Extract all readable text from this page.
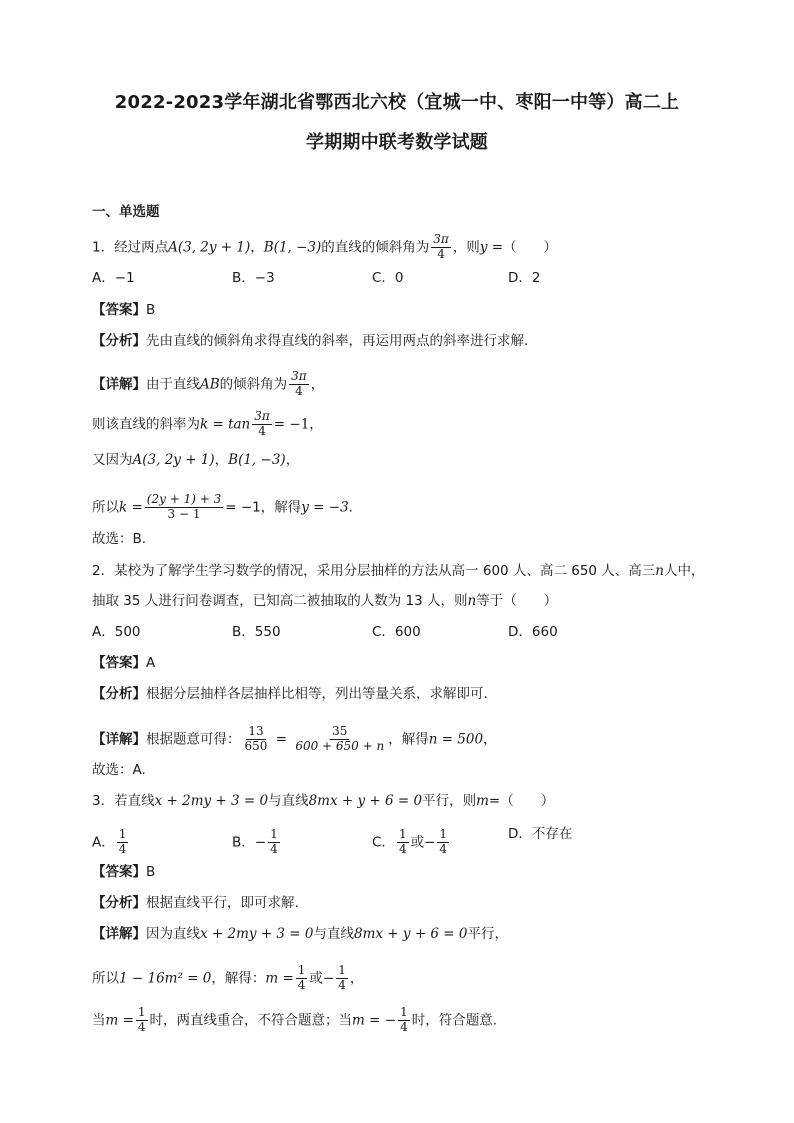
2022-2023学年湖北省鄂西北六校（宜城一中、枣阳一中等）高二上
学期期中联考数学试题
一、单选题
1．经过两点A(3, 2y + 1)，B(1, −3)的直线的倾斜角为 $\frac{3\pi}{4}$ ，则y =（　　）
A．−1	B．−3	C．0	D．2
【答案】B
【分析】先由直线的倾斜角求得直线的斜率，再运用两点的斜率进行求解.
【详解】由于直线AB的倾斜角为 $\frac{3\pi}{4}$ ，
则该直线的斜率为$k = \tan \frac{3\pi}{4} = -1$，
又因为A(3, 2y + 1)，B(1, −3)，
所以$k = \frac{(2y + 1) + 3}{3 - 1} = -1$，解得y = −3.
故选：B.
2．某校为了解学生学习数学的情况，采用分层抽样的方法从高一 600 人、高二 650 人、高三n人中，
抽取 35 人进行问卷调查，已知高二被抽取的人数为 13 人，则n等于（　　）
A．500	B．550	C．600	D．660
【答案】A
【分析】根据分层抽样各层抽样比相等，列出等量关系，求解即可.
【详解】根据题意可得： $\frac{13}{650} = \frac{35}{600 + 650 + n}$ ，解得n = 500，
故选：A.
3．若直线x + 2my + 3 = 0与直线8mx + y + 6 = 0平行，则m=（　　）
A． $\frac{1}{4}$	B．− $\frac{1}{4}$	C． $\frac{1}{4}$ 或− $\frac{1}{4}$	D．不存在
【答案】B
【分析】根据直线平行，即可求解.
【详解】因为直线x + 2my + 3 = 0与直线8mx + y + 6 = 0平行，
所以1 − 16m² = 0，解得：$m = \frac{1}{4}$ 或− $\frac{1}{4}$ ，
当$m = \frac{1}{4}$ 时，两直线重合，不符合题意；当m = − $\frac{1}{4}$ 时，符合题意.
